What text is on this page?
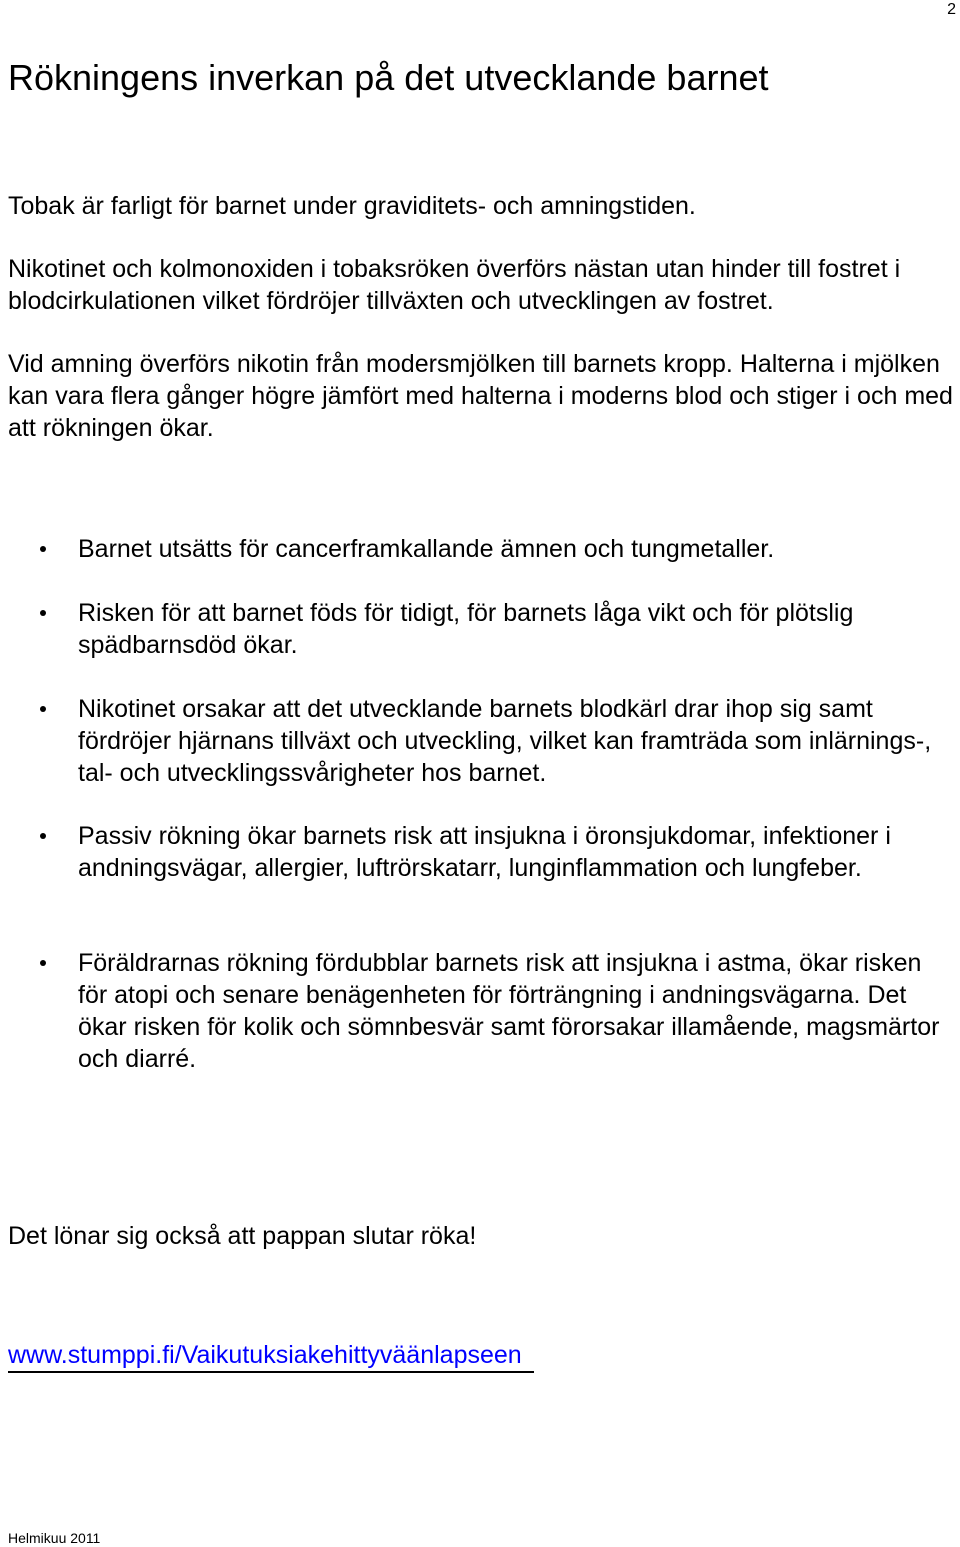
2
Rökningens inverkan på det utvecklande barnet

Tobak är farligt för barnet under graviditets- och amningstiden.

Nikotinet och kolmonoxiden i tobaksröken överförs nästan utan hinder till fostret i blodcirkulationen vilket fördröjer tillväxten och utvecklingen av fostret.

Vid amning överförs nikotin från modersmjölken till barnets kropp. Halterna i mjölken kan vara flera gånger högre jämfört med halterna i moderns blod och stiger i och med att rökningen ökar.

Barnet utsätts för cancerframkallande ämnen och tungmetaller.
Risken för att barnet föds för tidigt, för barnets låga vikt och för plötslig spädbarnsdöd ökar.
Nikotinet orsakar att det utvecklande barnets blodkärl drar ihop sig samt fördröjer hjärnans tillväxt och utveckling, vilket kan framträda som inlärnings-, tal- och utvecklingssvårigheter hos barnet.
Passiv rökning ökar barnets risk att insjukna i öronsjukdomar, infektioner i andningsvägar, allergier, luftrörskatarr, lunginflammation och lungfeber.
Föräldrarnas rökning fördubblar barnets risk att insjukna i astma, ökar risken för atopi och senare benägenheten för förträngning i andningsvägarna. Det ökar risken för kolik och sömnbesvär samt förorsakar illamående, magsmärtor och diarré.

Det lönar sig också att pappan slutar röka!

www.stumppi.fi/Vaikutuksiakehittyväänlapseen
Helmikuu 2011
